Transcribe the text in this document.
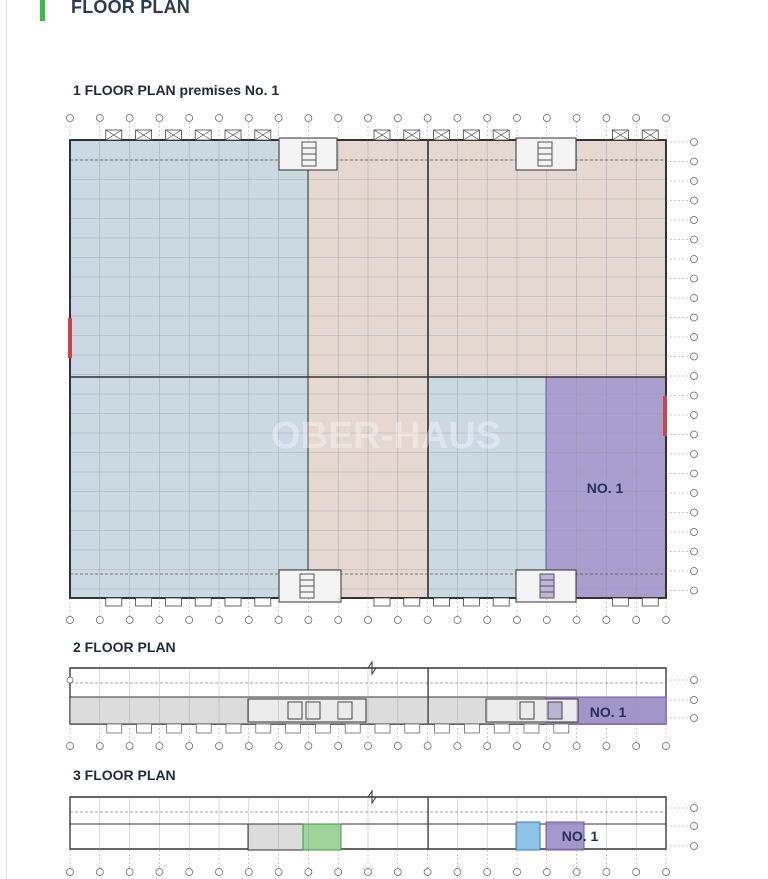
FLOOR PLAN
1 FLOOR PLAN premises No. 1
2 FLOOR PLAN
3 FLOOR PLAN
NO. 1
OBER-HAUS
NO. 1
NO. 1
